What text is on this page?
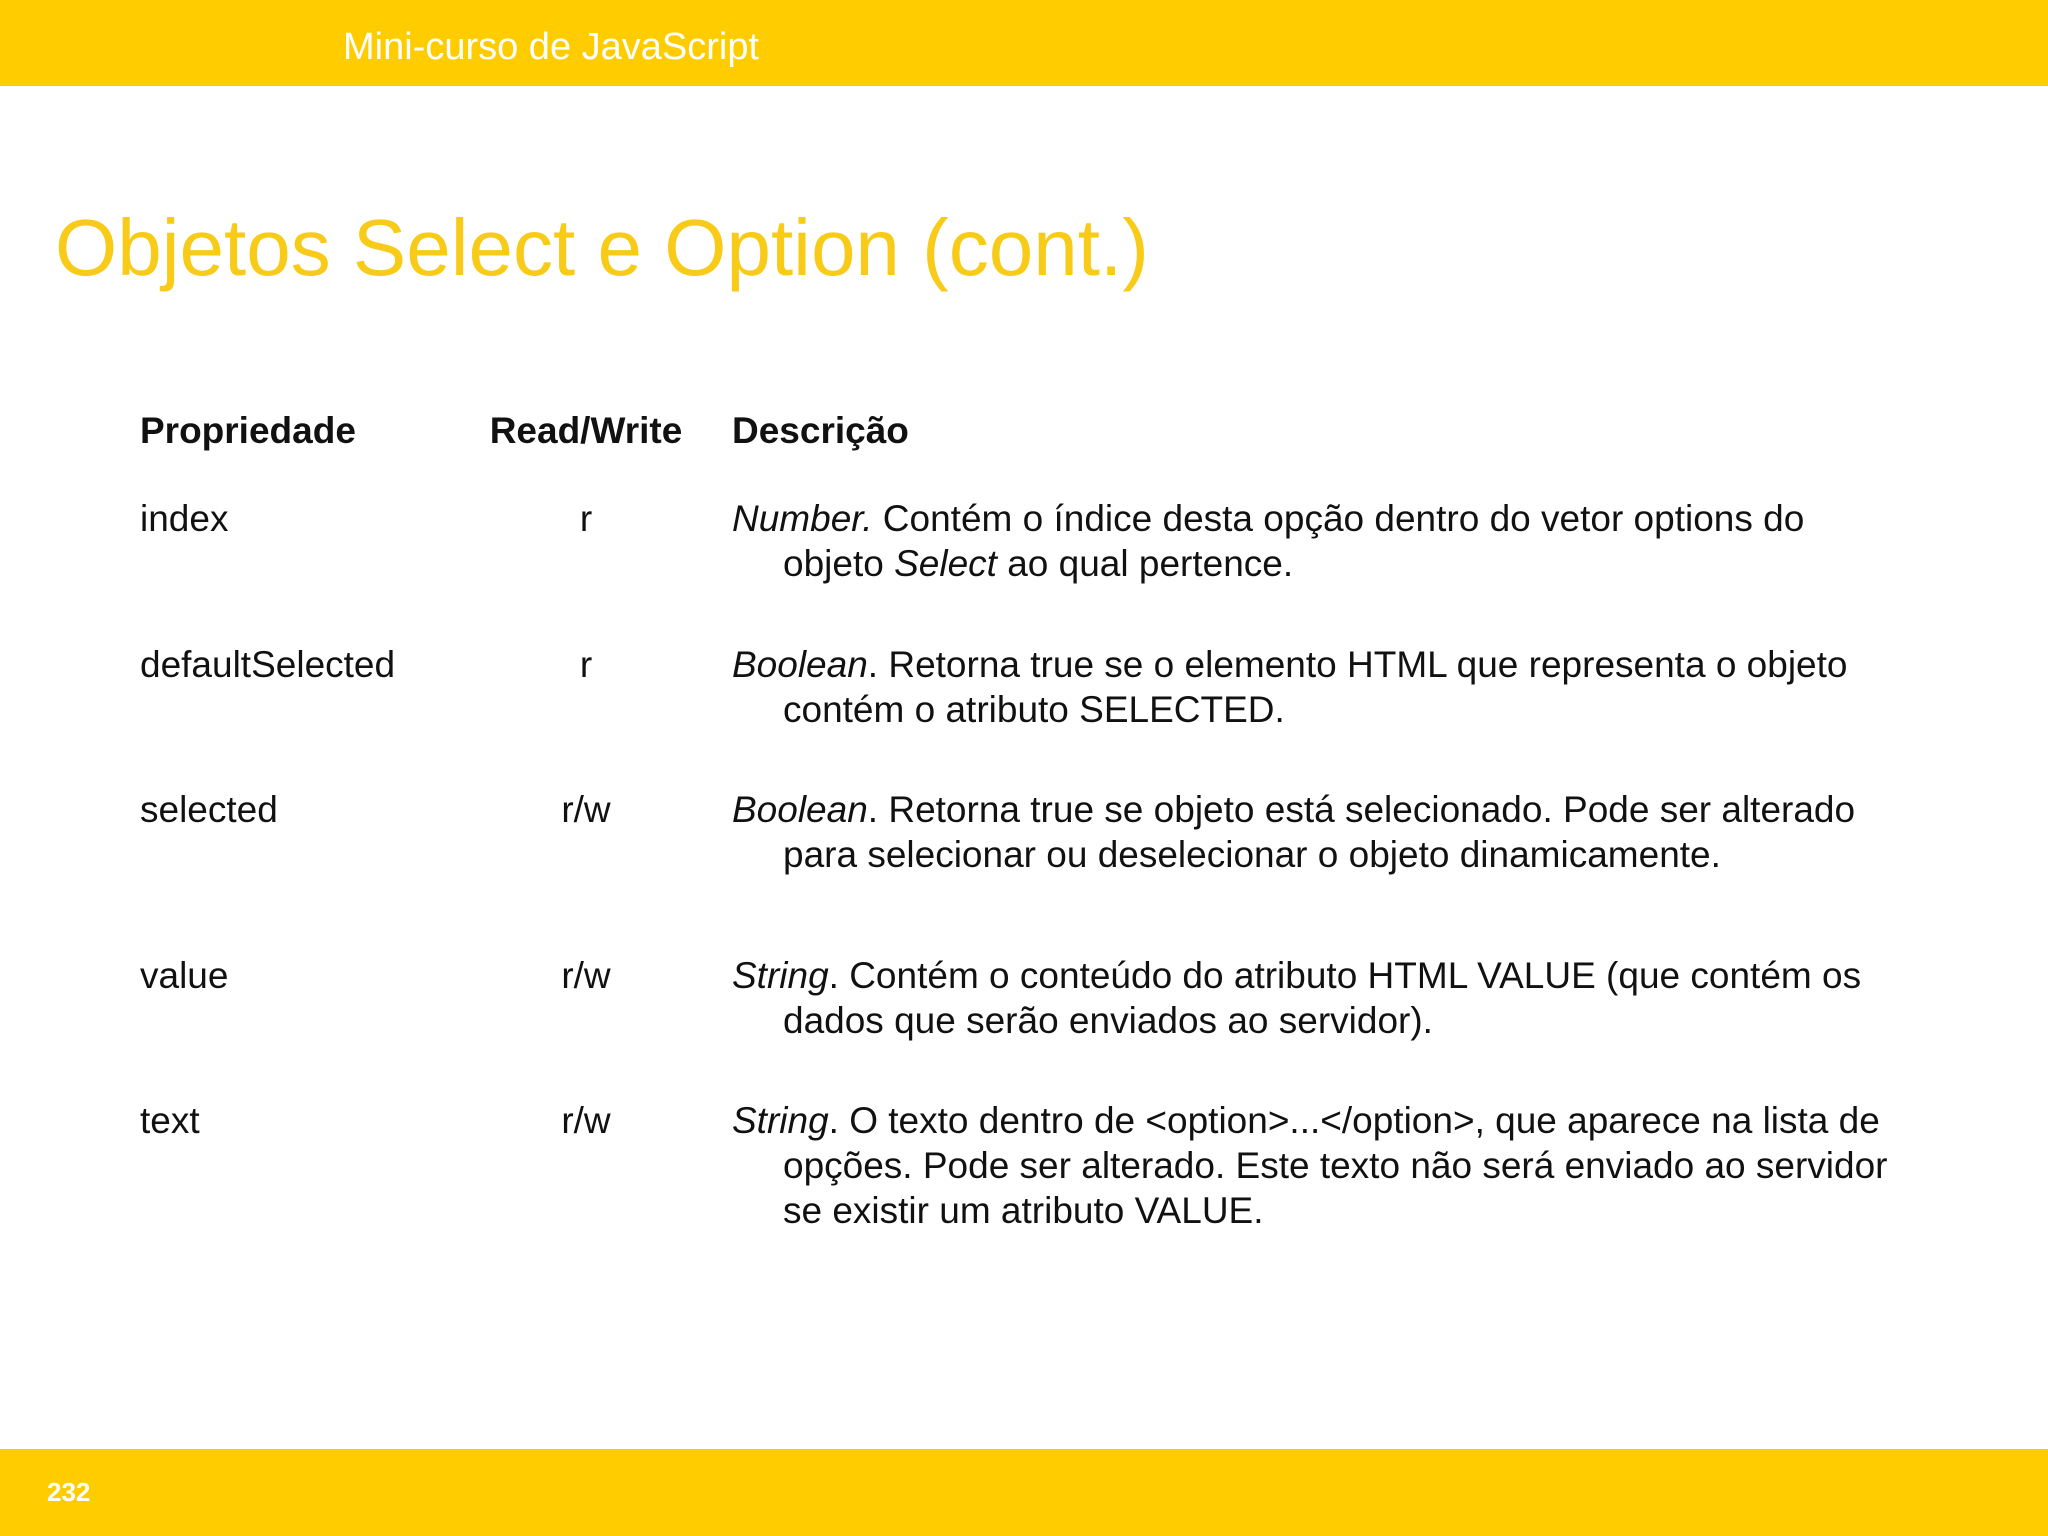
Mini-curso de JavaScript
Objetos Select e Option (cont.)
Propriedade	Read/Write	Descrição
index	r	Number. Contém o índice desta opção dentro do vetor options do objeto Select ao qual pertence.
defaultSelected	r	Boolean. Retorna true se o elemento HTML que representa o objeto contém o atributo SELECTED.
selected	r/w	Boolean. Retorna true se objeto está selecionado. Pode ser alterado para selecionar ou deselecionar o objeto dinamicamente.
value	r/w	String. Contém o conteúdo do atributo HTML VALUE (que contém os dados que serão enviados ao servidor).
text	r/w	String. O texto dentro de <option>...</option>, que aparece na lista de opções. Pode ser alterado. Este texto não será enviado ao servidor se existir um atributo VALUE.
232
